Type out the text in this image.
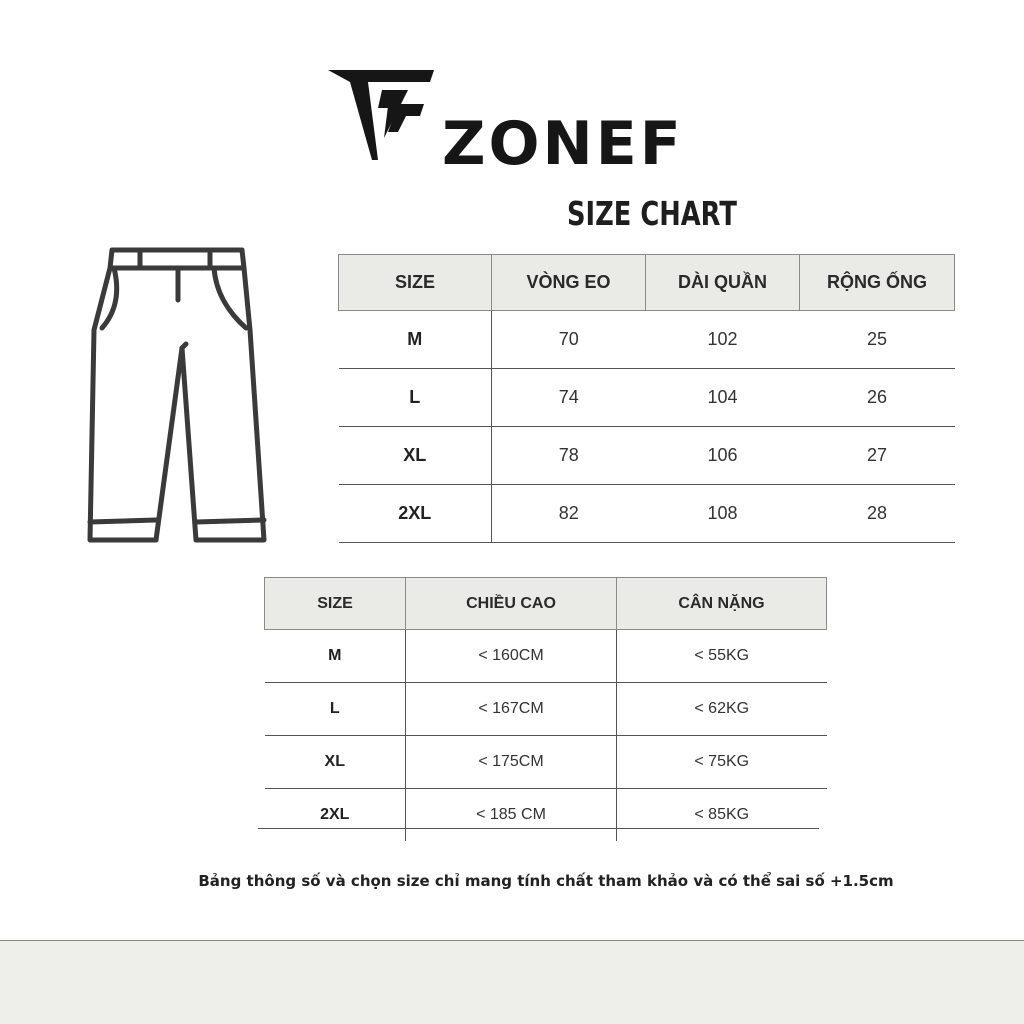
ZONEF
SIZE CHART
SIZE	VÒNG EO	DÀI QUẦN	RỘNG ỐNG
M	70	102	25
L	74	104	26
XL	78	106	27
2XL	82	108	28
SIZE	CHIỀU CAO	CÂN NẶNG
M	< 160CM	< 55KG
L	< 167CM	< 62KG
XL	< 175CM	< 75KG
2XL	< 185 CM	< 85KG
Bảng thông số và chọn size chỉ mang tính chất tham khảo và có thể sai số +1.5cm
